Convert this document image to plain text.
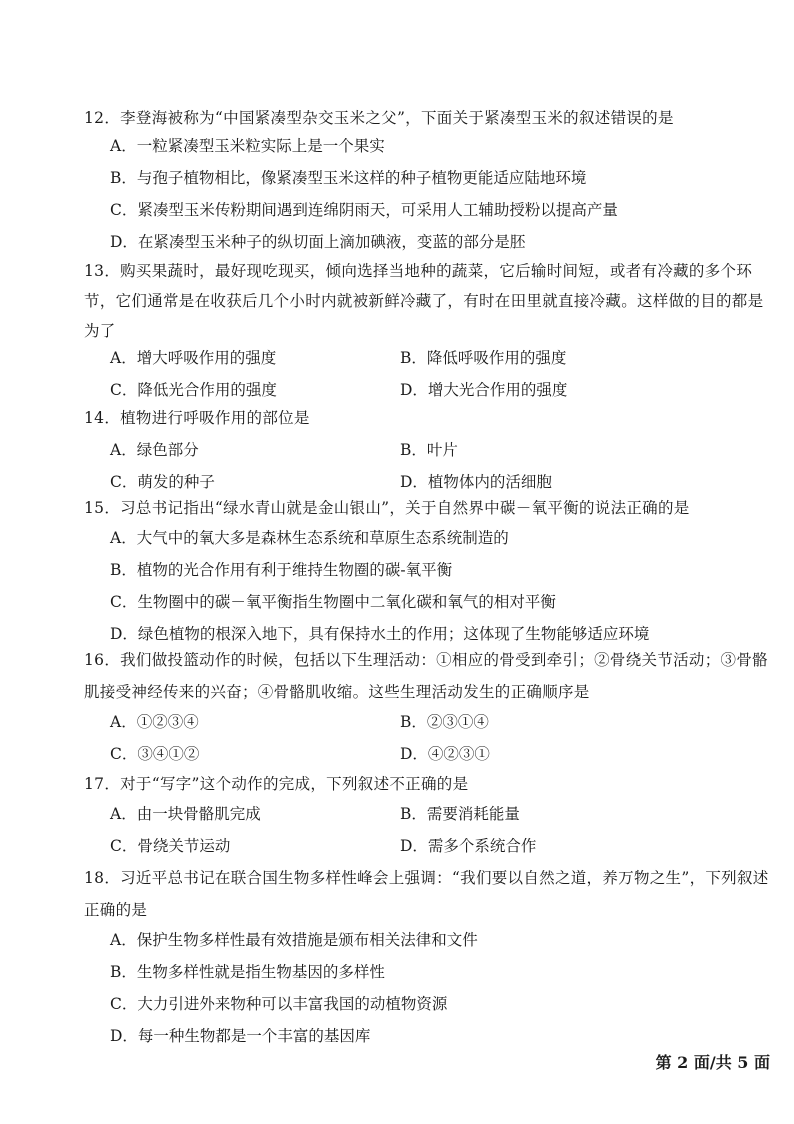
12．李登海被称为“中国紧凑型杂交玉米之父”，下面关于紧凑型玉米的叙述错误的是
A．一粒紧凑型玉米粒实际上是一个果实
B．与孢子植物相比，像紧凑型玉米这样的种子植物更能适应陆地环境
C．紧凑型玉米传粉期间遇到连绵阴雨天，可采用人工辅助授粉以提高产量
D．在紧凑型玉米种子的纵切面上滴加碘液，变蓝的部分是胚
13．购买果蔬时，最好现吃现买，倾向选择当地种的蔬菜，它后输时间短，或者有冷藏的多个环节，它们通常是在收获后几个小时内就被新鲜冷藏了，有时在田里就直接冷藏。这样做的目的都是为了
A．增大呼吸作用的强度	B．降低呼吸作用的强度
C．降低光合作用的强度	D．增大光合作用的强度
14．植物进行呼吸作用的部位是
A．绿色部分	B．叶片
C．萌发的种子	D．植物体内的活细胞
15．习总书记指出“绿水青山就是金山银山”，关于自然界中碳－氧平衡的说法正确的是
A．大气中的氧大多是森林生态系统和草原生态系统制造的
B．植物的光合作用有利于维持生物圈的碳-氧平衡
C．生物圈中的碳－氧平衡指生物圈中二氧化碳和氧气的相对平衡
D．绿色植物的根深入地下，具有保持水土的作用；这体现了生物能够适应环境
16．我们做投篮动作的时候，包括以下生理活动：①相应的骨受到牵引；②骨绕关节活动；③骨骼肌接受神经传来的兴奋；④骨骼肌收缩。这些生理活动发生的正确顺序是
A．①②③④	B．②③①④
C．③④①②	D．④②③①
17．对于“写字”这个动作的完成，下列叙述不正确的是
A．由一块骨骼肌完成	B．需要消耗能量
C．骨绕关节运动	D．需多个系统合作
18．习近平总书记在联合国生物多样性峰会上强调：“我们要以自然之道，养万物之生”，下列叙述正确的是
A．保护生物多样性最有效措施是颁布相关法律和文件
B．生物多样性就是指生物基因的多样性
C．大力引进外来物种可以丰富我国的动植物资源
D．每一种生物都是一个丰富的基因库
第 2 面/共 5 面
